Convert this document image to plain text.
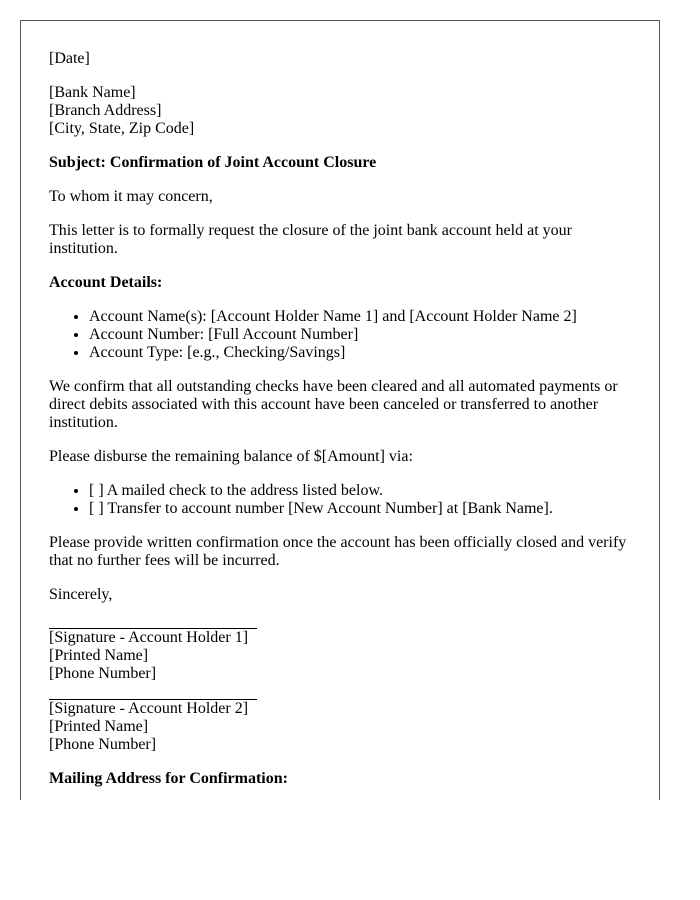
[Date]

[Bank Name]
[Branch Address]
[City, State, Zip Code]

Subject: Confirmation of Joint Account Closure

To whom it may concern,

This letter is to formally request the closure of the joint bank account held at your institution.

Account Details:

• Account Name(s): [Account Holder Name 1] and [Account Holder Name 2]
• Account Number: [Full Account Number]
• Account Type: [e.g., Checking/Savings]

We confirm that all outstanding checks have been cleared and all automated payments or direct debits associated with this account have been canceled or transferred to another institution.

Please disburse the remaining balance of $[Amount] via:

• [ ] A mailed check to the address listed below.
• [ ] Transfer to account number [New Account Number] at [Bank Name].

Please provide written confirmation once the account has been officially closed and verify that no further fees will be incurred.

Sincerely,

[Signature - Account Holder 1]
[Printed Name]
[Phone Number]
[Signature - Account Holder 2]
[Printed Name]
[Phone Number]

Mailing Address for Confirmation:
